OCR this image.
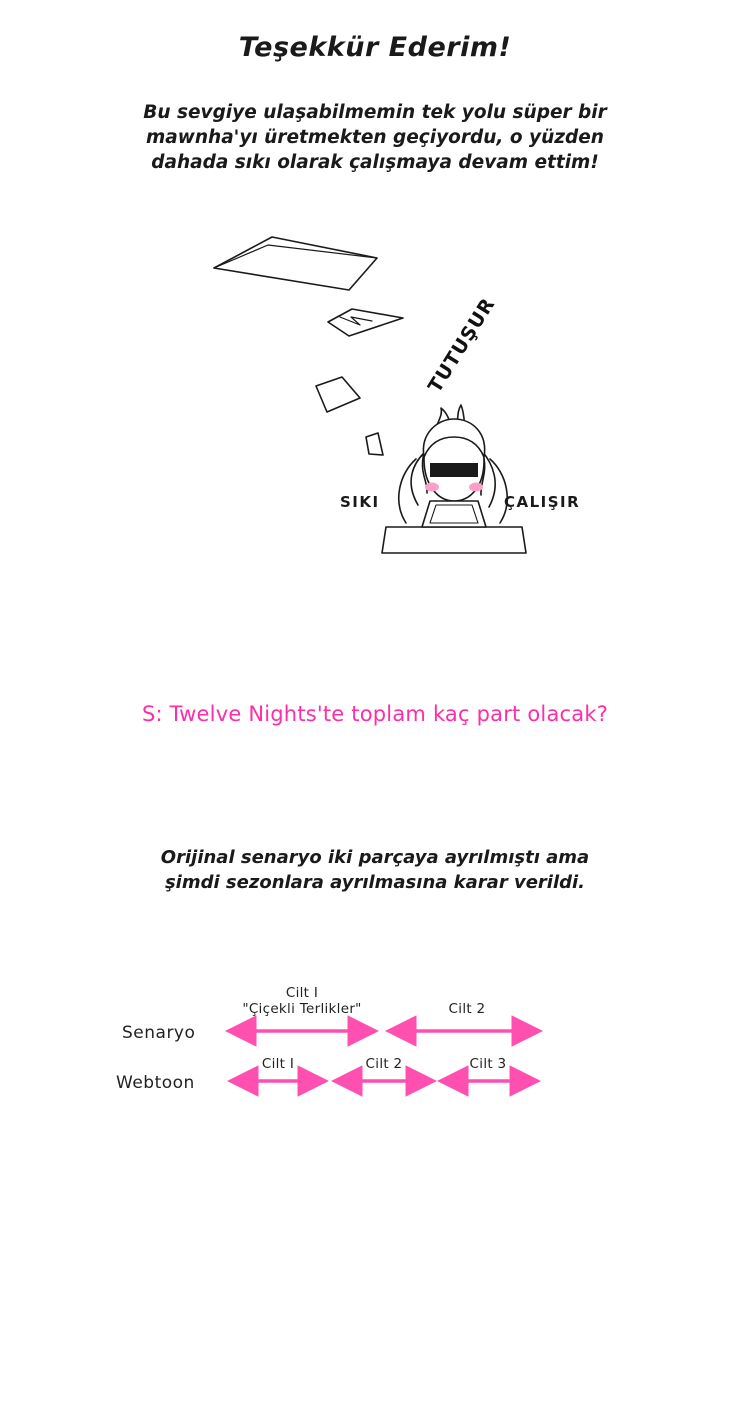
Teşekkür Ederim!
Bu sevgiye ulaşabilmemin tek yolu süper bir
mawnha'yı üretmekten geçiyordu, o yüzden
dahada sıkı olarak çalışmaya devam ettim!
SIKI	ÇALIŞIR
TUTUŞUR
S: Twelve Nights'te toplam kaç part olacak?
Orijinal senaryo iki parçaya ayrılmıştı ama
şimdi sezonlara ayrılmasına karar verildi.
Senaryo
Cilt I
"Çiçekli Terlikler"	Cilt 2
Webtoon
Cilt I	Cilt 2	Cilt 3
